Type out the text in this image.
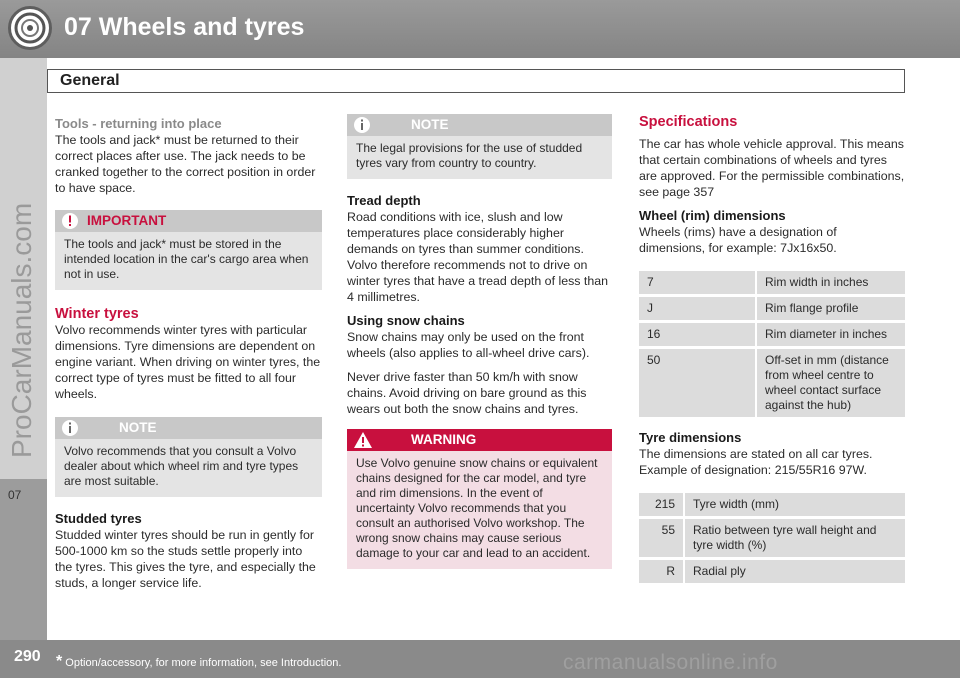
07 Wheels and tyres
ProCarManuals.com
07
General
Tools - returning into place

The tools and jack* must be returned to their correct places after use. The jack needs to be cranked together to the correct position in order to have space.

IMPORTANT
The tools and jack* must be stored in the intended location in the car's cargo area when not in use.
Winter tyres

Volvo recommends winter tyres with particular dimensions. Tyre dimensions are dependent on engine variant. When driving on winter tyres, the correct type of tyres must be fitted to all four wheels.

NOTE
Volvo recommends that you consult a Volvo dealer about which wheel rim and tyre types are most suitable.
Studded tyres

Studded winter tyres should be run in gently for 500-1000 km so the studs settle properly into the tyres. This gives the tyre, and especially the studs, a longer service life.

NOTE
The legal provisions for the use of studded tyres vary from country to country.
Tread depth

Road conditions with ice, slush and low temperatures place considerably higher demands on tyres than summer conditions. Volvo therefore recommends not to drive on winter tyres that have a tread depth of less than 4 millimetres.

Using snow chains

Snow chains may only be used on the front wheels (also applies to all-wheel drive cars).

Never drive faster than 50 km/h with snow chains. Avoid driving on bare ground as this wears out both the snow chains and tyres.

WARNING
Use Volvo genuine snow chains or equivalent chains designed for the car model, and tyre and rim dimensions. In the event of uncertainty Volvo recommends that you consult an authorised Volvo workshop. The wrong snow chains may cause serious damage to your car and lead to an accident.
Specifications

The car has whole vehicle approval. This means that certain combinations of wheels and tyres are approved. For the permissible combinations, see page 357

Wheel (rim) dimensions

Wheels (rims) have a designation of dimensions, for example: 7Jx16x50.

7	Rim width in inches
J	Rim flange profile
16	Rim diameter in inches
50	Off-set in mm (distance from wheel centre to wheel contact surface against the hub)
Tyre dimensions

The dimensions are stated on all car tyres. Example of designation: 215/55R16 97W.

215	Tyre width (mm)
55	Ratio between tyre wall height and tyre width (%)
R	Radial ply
290 * Option/accessory, for more information, see Introduction.	carmanualsonline.info
